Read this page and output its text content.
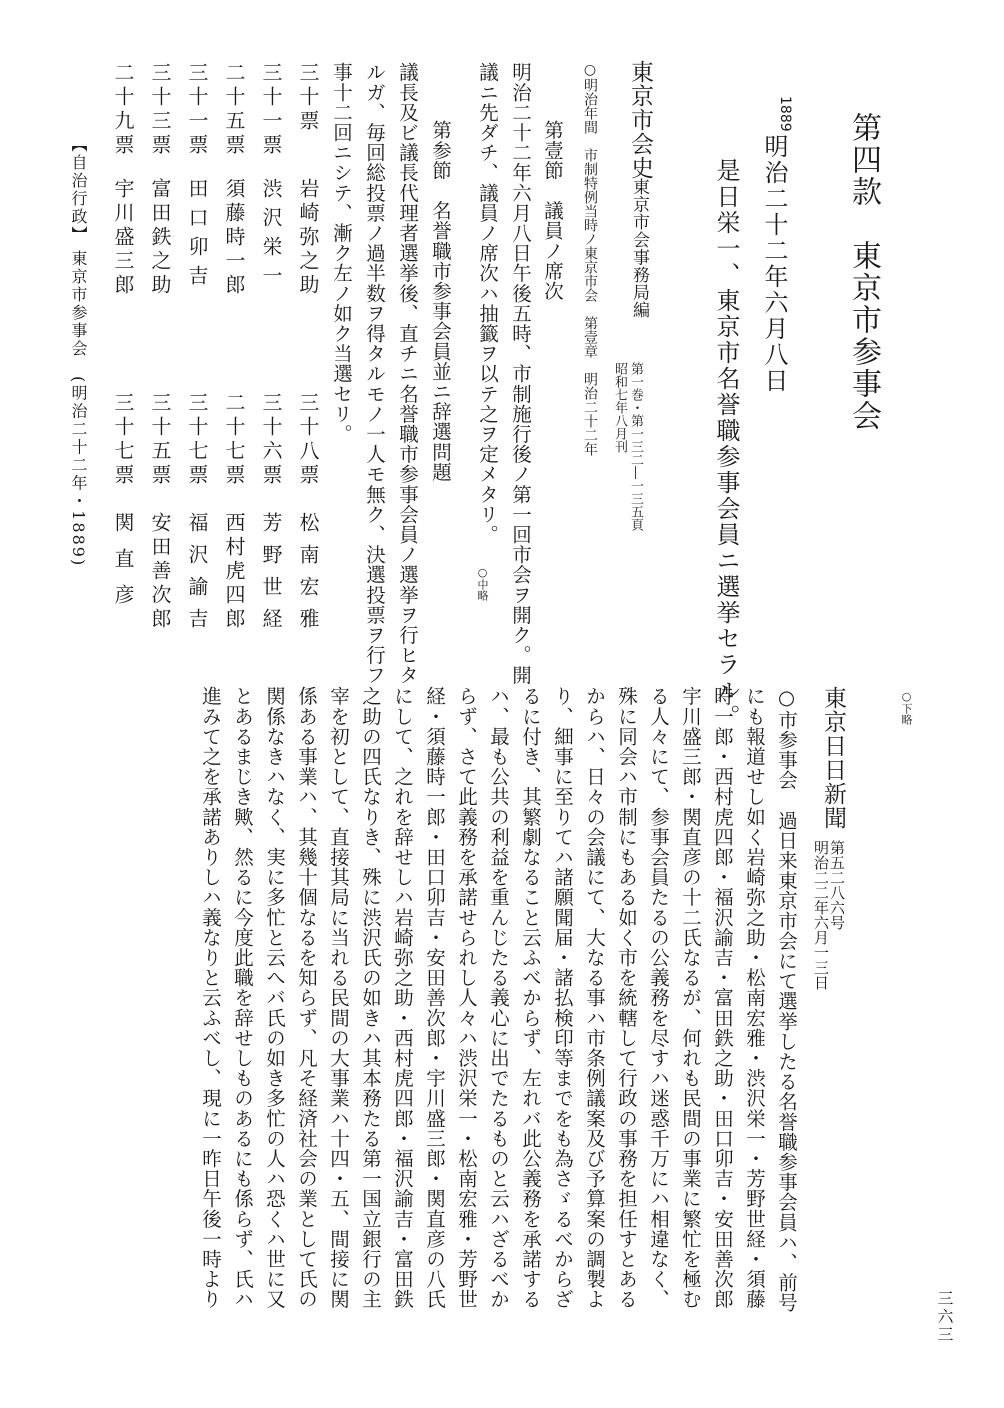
第四款　東京市参事会
1889
明治二十二年六月八日
是日栄一、東京市名誉職参事会員ニ選挙セラル。
東京市会史
東京市会事務局編
第一巻・第一三二―一三五頁
昭和七年八月刊
○明治年間　市制特例当時ノ東京市会　第壹章　明治二十二年
第壹節　議員ノ席次
明治二十二年六月八日午後五時、市制施行後ノ第一回市会ヲ開ク。開
議ニ先ダチ、議員ノ席次ハ抽籤ヲ以テ之ヲ定メタリ。
○中略
第参節　名誉職市参事会員並ニ辞選問題
議長及ビ議長代理者選挙後、直チニ名誉職市参事会員ノ選挙ヲ行ヒタ
ルガ、毎回総投票ノ過半数ヲ得タルモノ一人モ無ク、決選投票ヲ行フ
事十二回ニシテ、漸ク左ノ如ク当選セリ。
三十票
岩崎弥之助
三十八票
松南宏雅
三十一票
渋沢栄一
三十六票
芳野世経
二十五票
須藤時一郎
二十七票
西村虎四郎
三十一票
田口卯吉
三十七票
福沢諭吉
三十三票
富田鉄之助
三十五票
安田善次郎
二十九票
宇川盛三郎
三十七票
関直彦
【自治行政】
東京市参事会　(明治二十二年・1889)
○下略
東京日日新聞
第五二八六号
明治二二年六月一三日
○市参事会　過日来東京市会にて選挙したる名誉職参事会員ハ、前号
にも報道せし如く岩崎弥之助・松南宏雅・渋沢栄一・芳野世経・須藤
時一郎・西村虎四郎・福沢諭吉・富田鉄之助・田口卯吉・安田善次郎
宇川盛三郎・関直彦の十二氏なるが、何れも民間の事業に繁忙を極む
る人々にて、参事会員たるの公義務を尽すハ迷惑千万にハ相違なく、
殊に同会ハ市制にもある如く市を統轄して行政の事務を担任すとある
からハ、日々の会議にて、大なる事ハ市条例議案及び予算案の調製よ
り、細事に至りてハ諸願聞届・諸払検印等までをも為さゞるべからざ
るに付き、其繁劇なること云ふべからず、左れバ此公義務を承諾する
ハ、最も公共の利益を重んじたる義心に出でたるものと云ハざるべか
らず、さて此義務を承諾せられし人々ハ渋沢栄一・松南宏雅・芳野世
経・須藤時一郎・田口卯吉・安田善次郎・宇川盛三郎・関直彦の八氏
にして、之れを辞せしハ岩崎弥之助・西村虎四郎・福沢諭吉・富田鉄
之助の四氏なりき、殊に渋沢氏の如きハ其本務たる第一国立銀行の主
宰を初として、直接其局に当れる民間の大事業ハ十四・五、間接に関
係ある事業ハ、其幾十個なるを知らず、凡そ経済社会の業として氏の
関係なきハなく、実に多忙と云へバ氏の如き多忙の人ハ恐くハ世に又
とあるまじき歟、然るに今度此職を辞せしものあるにも係らず、氏ハ
進みて之を承諾ありしハ義なりと云ふべし、現に一昨日午後一時より
三六三
